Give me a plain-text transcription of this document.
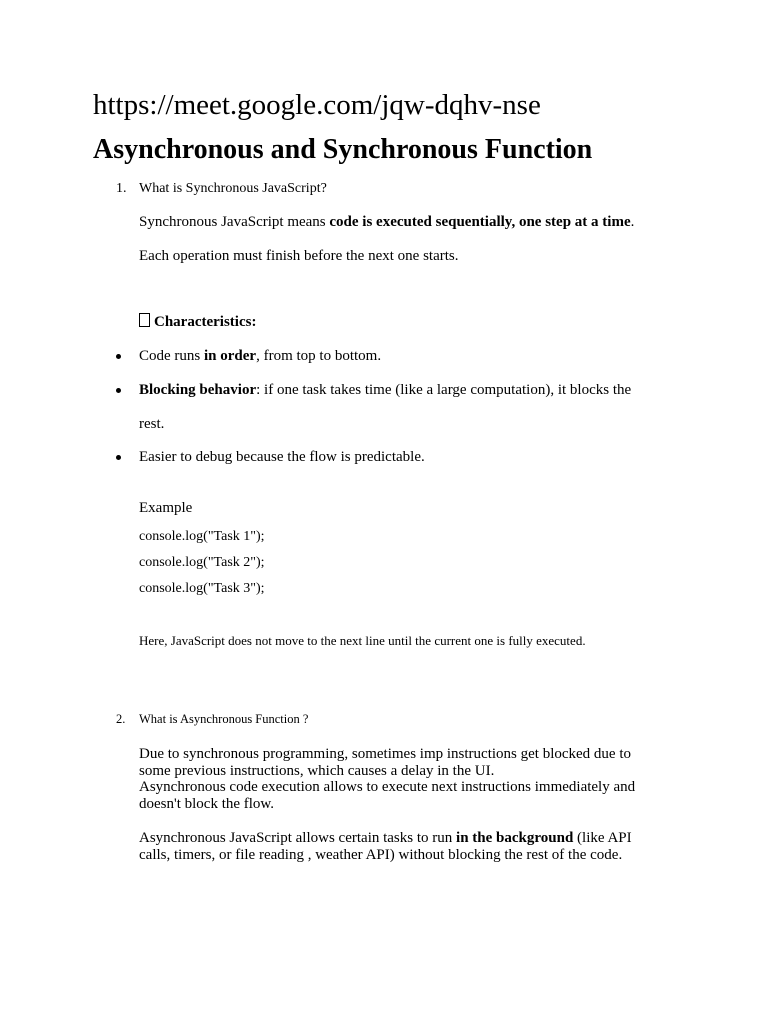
https://meet.google.com/jqw-dqhv-nse
Asynchronous and Synchronous Function
1. What is Synchronous JavaScript?
Synchronous JavaScript means code is executed sequentially, one step at a time.
Each operation must finish before the next one starts.
Characteristics:
Code runs in order, from top to bottom.
Blocking behavior: if one task takes time (like a large computation), it blocks the
rest.
Easier to debug because the flow is predictable.
Example
console.log("Task 1");
console.log("Task 2");
console.log("Task 3");
Here, JavaScript does not move to the next line until the current one is fully executed.
2. What is Asynchronous Function ?
Due to synchronous programming, sometimes imp instructions get blocked due to
some previous instructions, which causes a delay in the UI.
Asynchronous code execution allows to execute next instructions immediately and
doesn't block the flow.
Asynchronous JavaScript allows certain tasks to run in the background (like API
calls, timers, or file reading , weather API) without blocking the rest of the code.
